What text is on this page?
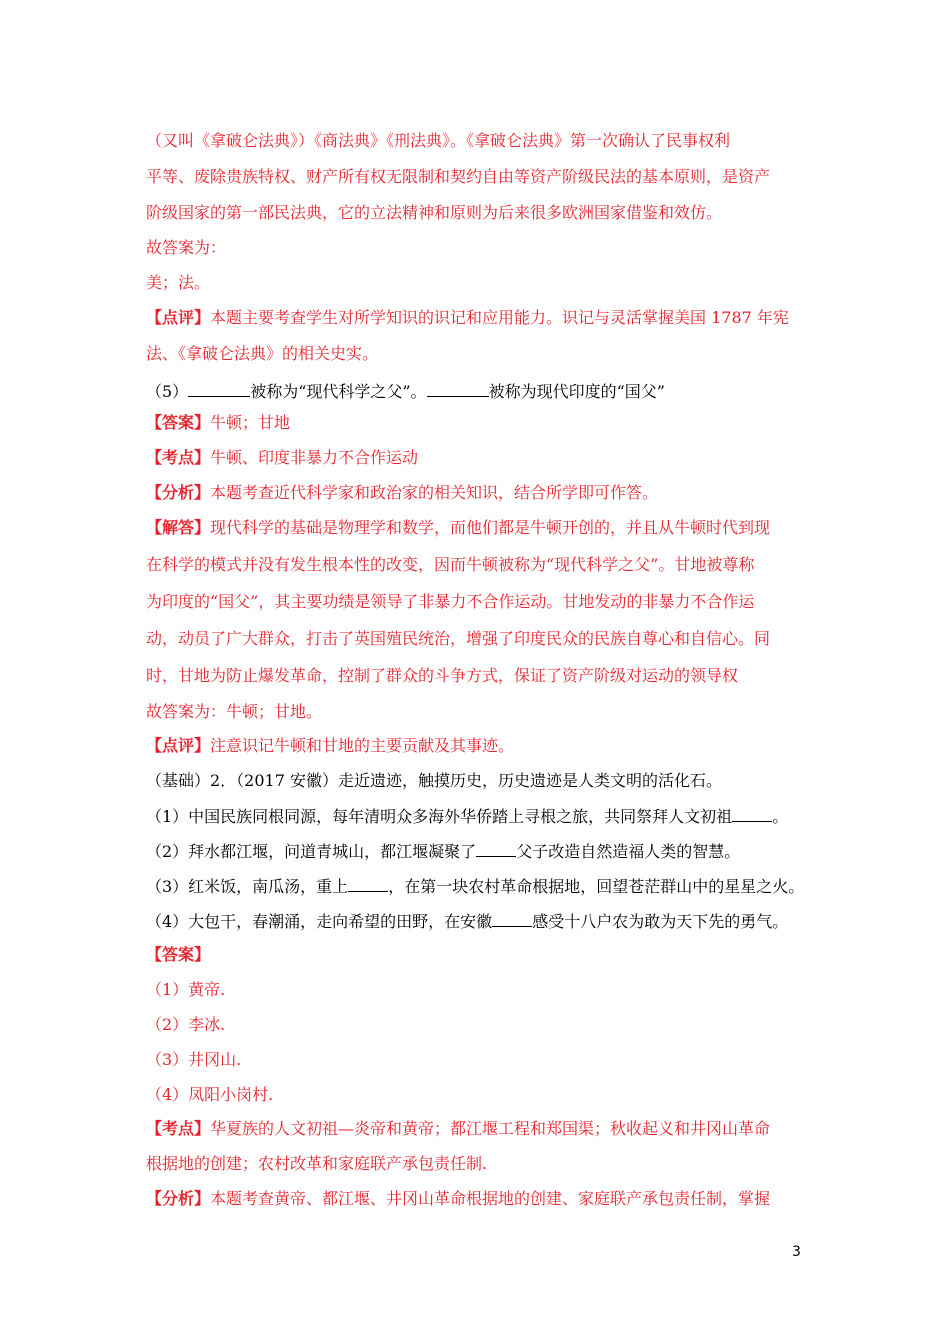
（又叫《拿破仑法典》）《商法典》《刑法典》。《拿破仑法典》第一次确认了民事权利
平等、废除贵族特权、财产所有权无限制和契约自由等资产阶级民法的基本原则，是资产
阶级国家的第一部民法典，它的立法精神和原则为后来很多欧洲国家借鉴和效仿。
故答案为：
美；法。
【点评】本题主要考查学生对所学知识的识记和应用能力。识记与灵活掌握美国 1787 年宪
法、《拿破仑法典》的相关史实。
（5）	被称为“现代科学之父”。	被称为现代印度的“国父”
【答案】牛顿；甘地
【考点】牛顿、印度非暴力不合作运动
【分析】本题考查近代科学家和政治家的相关知识，结合所学即可作答。
【解答】现代科学的基础是物理学和数学，而他们都是牛顿开创的，并且从牛顿时代到现
在科学的模式并没有发生根本性的改变，因而牛顿被称为“现代科学之父”。甘地被尊称
为印度的“国父”，其主要功绩是领导了非暴力不合作运动。甘地发动的非暴力不合作运
动，动员了广大群众，打击了英国殖民统治，增强了印度民众的民族自尊心和自信心。同
时，甘地为防止爆发革命，控制了群众的斗争方式，保证了资产阶级对运动的领导权
故答案为：牛顿；甘地。
【点评】注意识记牛顿和甘地的主要贡献及其事迹。
（基础）2．（2017 安徽）走近遗迹，触摸历史，历史遗迹是人类文明的活化石。
（1）中国民族同根同源，每年清明众多海外华侨踏上寻根之旅，共同祭拜人文初祖	。
（2）拜水都江堰，问道青城山，都江堰凝聚了	父子改造自然造福人类的智慧。
（3）红米饭，南瓜汤，重上	，在第一块农村革命根据地，回望苍茫群山中的星星之火。
（4）大包干，春潮涌，走向希望的田野，在安徽	感受十八户农为敢为天下先的勇气。
【答案】
（1）黄帝.
（2）李冰.
（3）井冈山.
（4）凤阳小岗村.
【考点】华夏族的人文初祖—炎帝和黄帝；都江堰工程和郑国渠；秋收起义和井冈山革命
根据地的创建；农村改革和家庭联产承包责任制.
【分析】本题考查黄帝、都江堰、井冈山革命根据地的创建、家庭联产承包责任制，掌握
3
